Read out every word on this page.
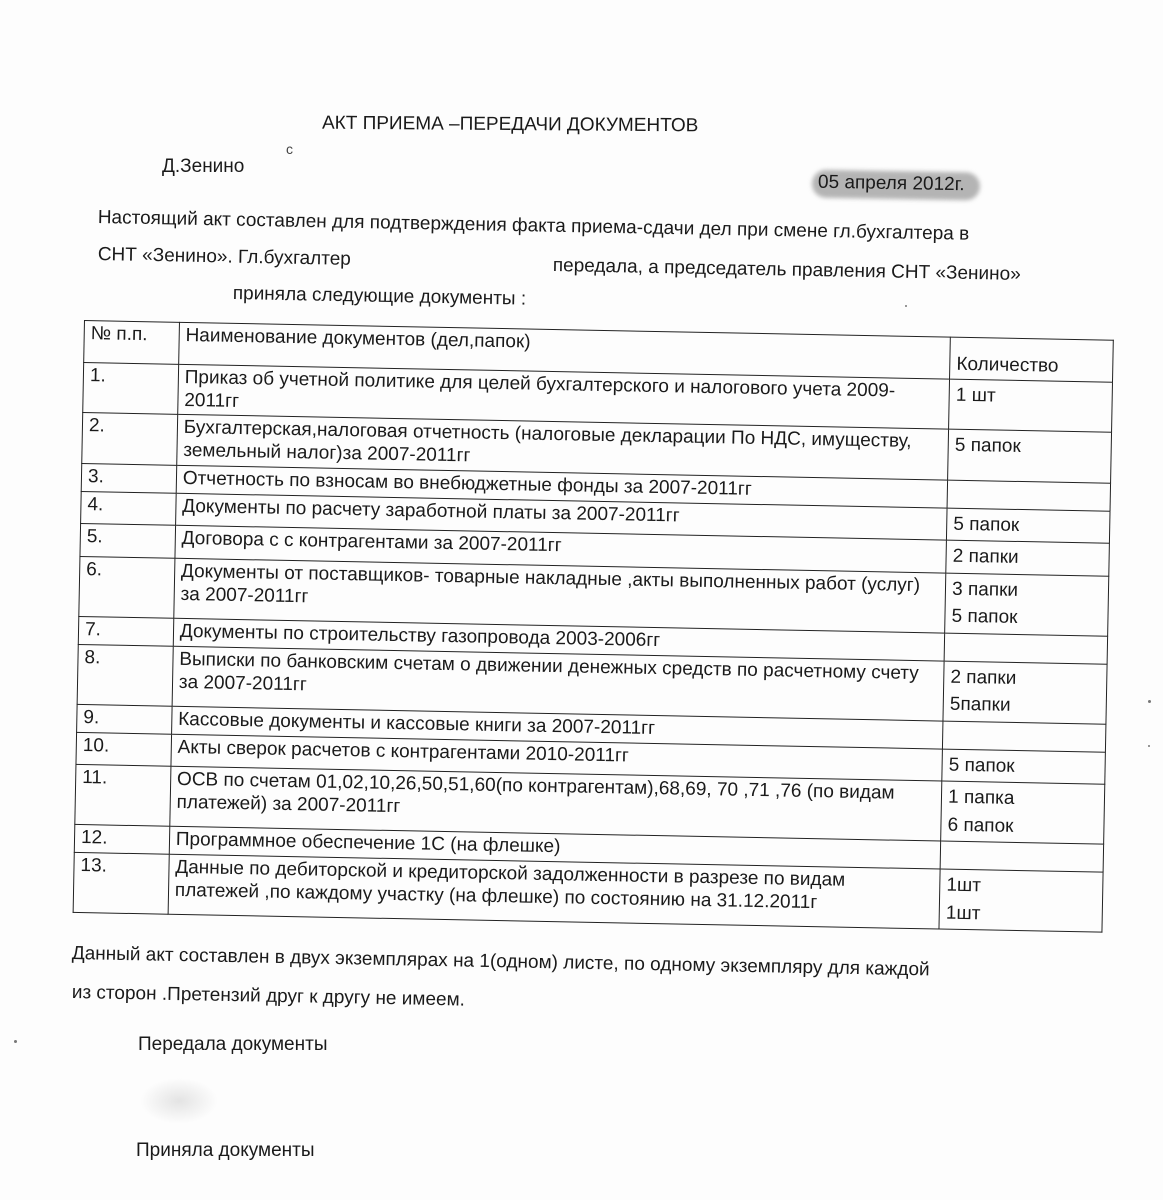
АКТ ПРИЕМА –ПЕРЕДАЧИ ДОКУМЕНТОВ
Д.Зенино
с
05 апреля 2012г.
Настоящий акт составлен для подтверждения факта приема-сдачи дел при смене гл.бухгалтера в
СНТ «Зенино». Гл.бухгалтер	передала, а председатель правления СНТ «Зенино»
приняла следующие документы :
№ п.п.	Наименование документов (дел,папок)	Количество

1.	Приказ об учетной политике для целей бухгалтерского и налогового учета 2009-2011гг	1 шт

2.	Бухгалтерская,налоговая отчетность (налоговые декларации По НДС, имуществу, земельный налог)за 2007-2011гг	5 папок

3.	Отчетность по взносам во внебюджетные фонды за 2007-2011гг	

4.	Документы по расчету заработной платы за 2007-2011гг	5 папок

5.	Договора с с контрагентами за 2007-2011гг	2 папки

6.	Документы от поставщиков- товарные накладные ,акты выполненных работ (услуг) за 2007-2011гг	3 папки
5 папок

7.	Документы по строительству газопровода 2003-2006гг	

8.	Выписки по банковским счетам о движении денежных средств по расчетному счету за 2007-2011гг	2 папки
5папки

9.	Кассовые документы и кассовые книги за 2007-2011гг	

10.	Акты сверок расчетов с контрагентами 2010-2011гг	5 папок

11.	ОСВ по счетам 01,02,10,26,50,51,60(по контрагентам),68,69, 70 ,71 ,76 (по видам платежей) за 2007-2011гг	1 папка
6 папок

12.	Программное обеспечение 1С (на флешке)	

13.	Данные по дебиторской и кредиторской задолженности в разрезе по видам платежей ,по каждому участку (на флешке) по состоянию на 31.12.2011г	1шт
1шт
Данный акт составлен в двух экземплярах на 1(одном) листе, по одному экземпляру для каждой
из сторон .Претензий друг к другу не имеем.
Передала документы
Приняла документы
